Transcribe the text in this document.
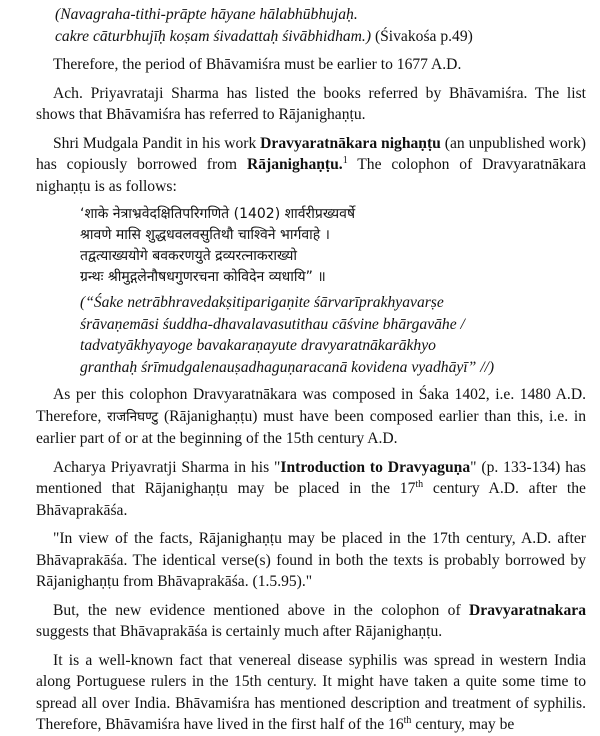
(Navagraha-tithi-prāpte hāyane hālabhūbhujaḥ.
cakre cāturbhujīḥ koṣam śivadattaḥ śivābhidham.) (Śivakośa p.49)

Therefore, the period of Bhāvamiśra must be earlier to 1677 A.D.

Ach. Priyavrataji Sharma has listed the books referred by Bhāvamiśra. The list shows that Bhāvamiśra has referred to Rājanighaṇṭu.

Shri Mudgala Pandit in his work Dravyaratnākara nighaṇṭu (an unpublished work) has copiously borrowed from Rājanighaṇṭu.$^1$ The colophon of Dravyaratnākara nighaṇṭu is as follows:

‘शाके नेत्राभ्रवेदक्षितिपरिगणिते (1402) शार्वरीप्रख्यवर्षे
श्रावणे मासि शुद्धधवलवसुतिथौ चाश्विने भार्गवाहे ।
तद्वत्याख्ययोगे बवकरणयुते द्रव्यरत्नाकराख्यो
ग्रन्थः श्रीमुद्गलेनौषधगुणरचना कोविदेन व्यधायि” ॥
(“Śake netrābhravedakṣitiparigaṇite śārvarīprakhyavarṣe
śrāvaṇemāsi śuddha-dhavalavasutithau cāśvine bhārgavāhe /
tadvatyākhyayoge bavakaraṇayute dravyaratnākarākhyo
granthaḥ śrīmudgalenauṣadhaguṇaracanā kovidena vyadhāyī” //)

As per this colophon Dravyaratnākara was composed in Śaka 1402, i.e. 1480 A.D. Therefore, राजनिघण्टु (Rājanighaṇṭu) must have been composed earlier than this, i.e. in earlier part of or at the beginning of the 15th century A.D.

Acharya Priyavratji Sharma in his "Introduction to Dravyaguṇa" (p. 133-134) has mentioned that Rājanighaṇṭu may be placed in the 17th century A.D. after the Bhāvaprakāśa.

"In view of the facts, Rājanighaṇṭu may be placed in the 17th century, A.D. after Bhāvaprakāśa. The identical verse(s) found in both the texts is probably borrowed by Rājanighaṇṭu from Bhāvaprakāśa. (1.5.95)."

But, the new evidence mentioned above in the colophon of Dravyaratnakara suggests that Bhāvaprakāśa is certainly much after Rājanighaṇṭu.

It is a well-known fact that venereal disease syphilis was spread in western India along Portuguese rulers in the 15th century. It might have taken a quite some time to spread all over India. Bhāvamiśra has mentioned description and treatment of syphilis. Therefore, Bhāvamiśra have lived in the first half of the 16th century, may be
